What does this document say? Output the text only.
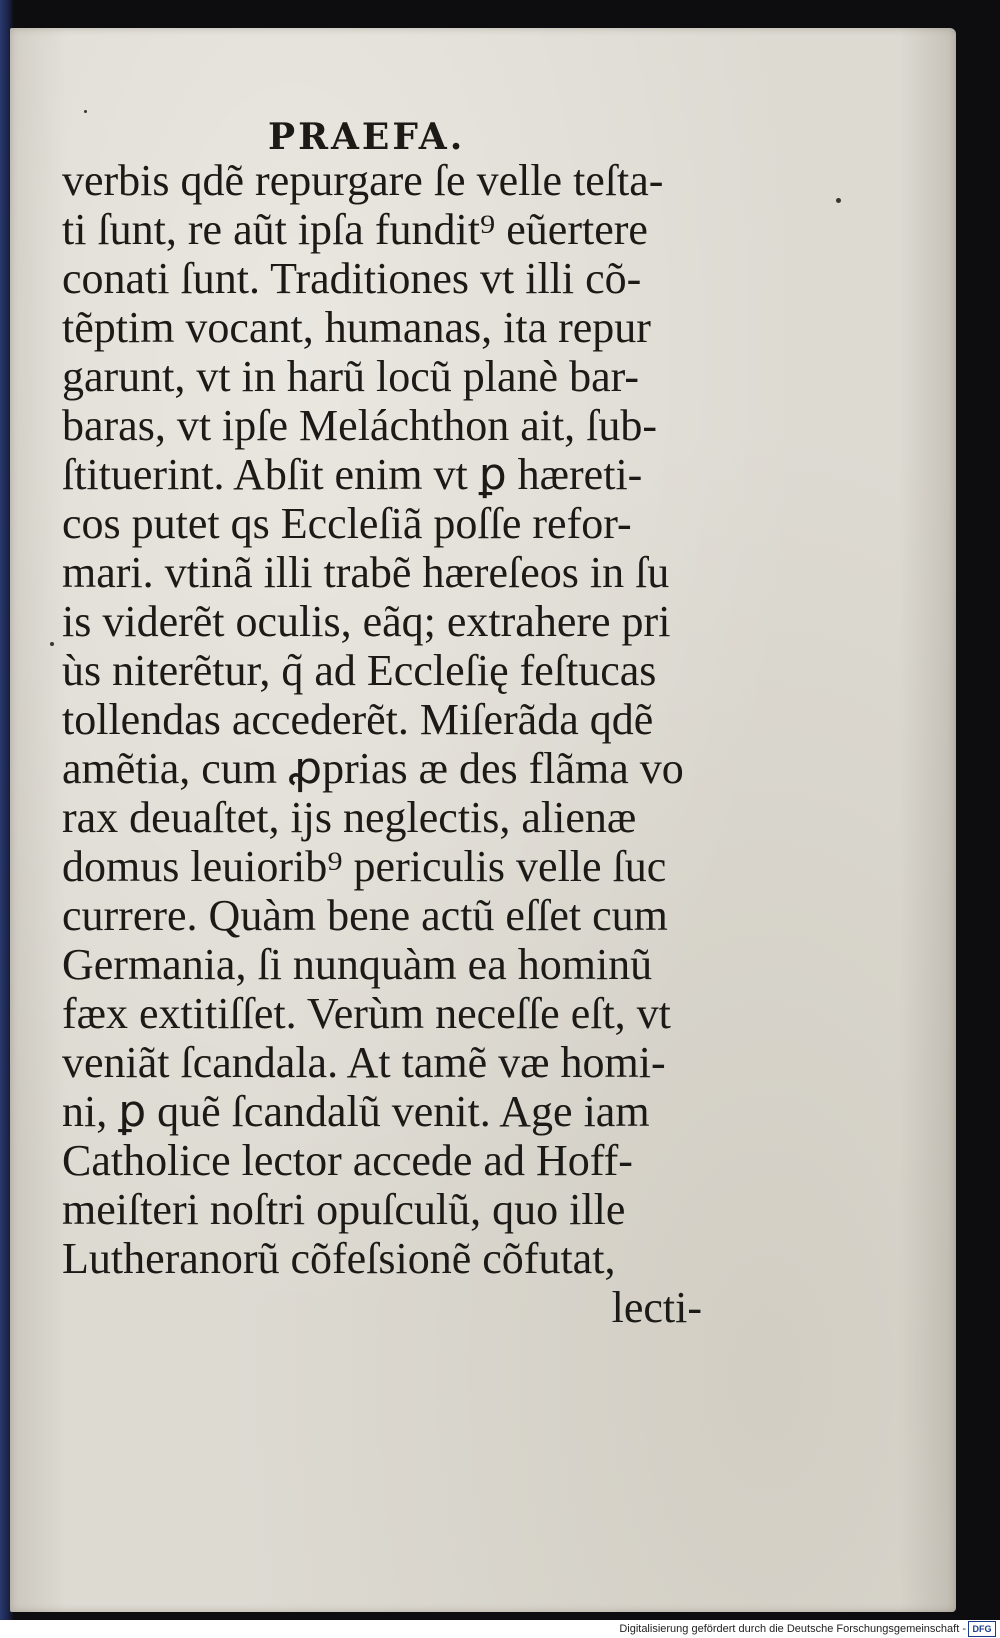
PRAEFA.
verbis qdẽ repurgare ſe velle teſta-
ti ſunt, re aũt ipſa fundit⁹ eũertere
conati ſunt. Traditiones vt illi cõ-
tẽptim vocant, humanas, ita repur
garunt, vt in harũ locũ planè bar-
baras, vt ipſe Meláchthon ait, ſub-
ſtituerint. Abſit enim vt ꝑ hæreti-
cos putet qs Eccleſiã poſſe refor-
mari. vtinã illi trabẽ hæreſeos in ſu
is viderẽt oculis, eãq; extrahere pri
ùs niterẽtur, q̃ ad Eccleſię feſtucas
tollendas accederẽt. Miſerãda qdẽ
amẽtia, cum ꝓprias æ des flãma vo
rax deuaſtet, ijs neglectis, alienæ
domus leuiorib⁹ periculis velle ſuc
currere. Quàm bene actũ eſſet cum
Germania, ſi nunquàm ea hominũ
fæx extitiſſet. Verùm neceſſe eſt, vt
veniãt ſcandala. At tamẽ væ homi-
ni, ꝑ quẽ ſcandalũ venit. Age iam
Catholice lector accede ad Hoff-
meiſteri noſtri opuſculũ, quo ille
Lutheranorũ cõfeſsionẽ cõfutat,
lecti-
Digitalisierung gefördert durch die Deutsche Forschungsgemeinschaft - DFG
